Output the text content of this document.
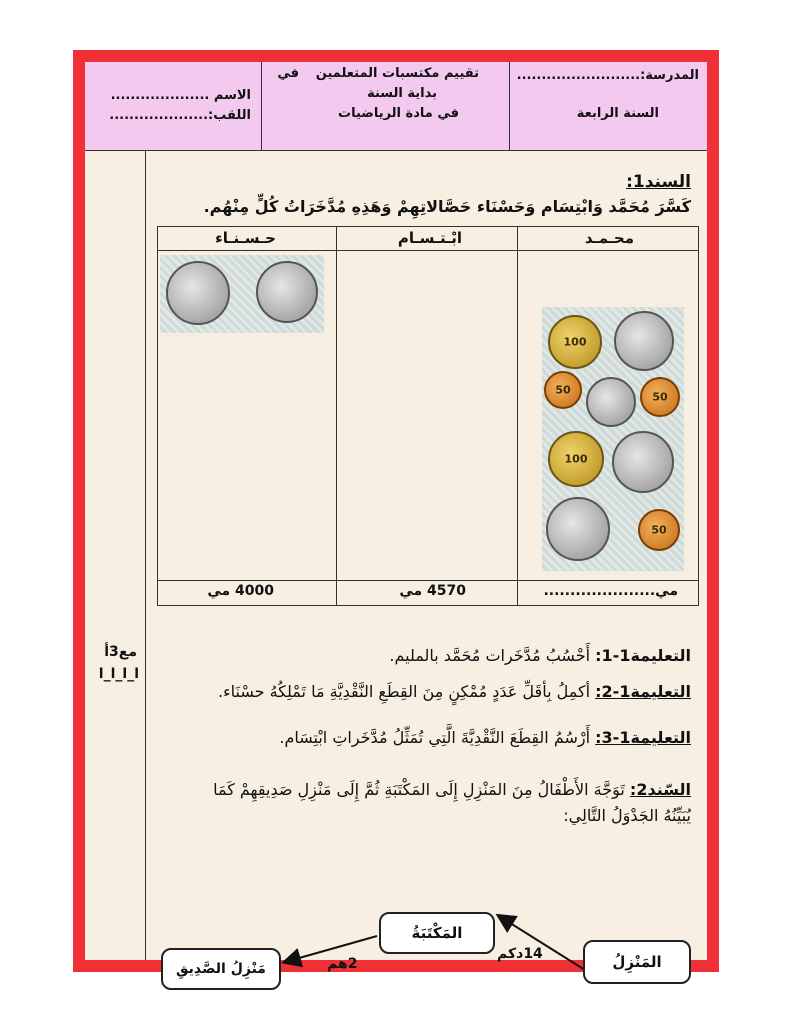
المدرسة:.........................
السنة الرابعة
تقييم مكتسبات المتعلمين
في
بداية السنة
في مادة الرياضيات
الاسم ....................
اللقب:....................
مع3أ
ا_ا_ا_ا
السند1:
كَسَّرَ مُحَمَّد وَابْتِسَام وَحَسْنَاء حَصَّالاتِهِمْ وَهَذِهِ مُدَّخَرَاتُ كُلٍّ مِنْهُم.
محـمـد
ابْـتـسـام
حـسـنـاء
100
50
50
100
50
مي.....................
4570 مي
4000 مي
التعليمة1-1: أَحْسُبُ مُدَّخَرات مُحَمَّد بالمليم.
التعليمة1-2: أكمِلُ بِأقَلِّ عَدَدٍ مُمْكِنٍ مِنَ القِطَعِ النَّقْدِيَّةِ مَا تَمْلِكُهُ حسْنَاء.
التعليمة1-3: أَرْسُمُ القِطَعَ النَّقْدِيَّةَ الَّتِي تُمَثِّلُ مُدَّخَراتِ ابْتِسَام.
السّند2: تَوَجَّهَ الأَطْفَالُ مِنَ المَنْزِلِ إِلَى المَكْتَبَةِ ثُمَّ إِلَى مَنْزِلِ صَدِيقِهِمْ كَمَا
يُبَيِّنُهُ الجَدْوَلُ التَّالِي:
المَكْتَبَةُ
المَنْزِلُ
مَنْزِلُ الصَّدِيقِ
14دكم
2هم
